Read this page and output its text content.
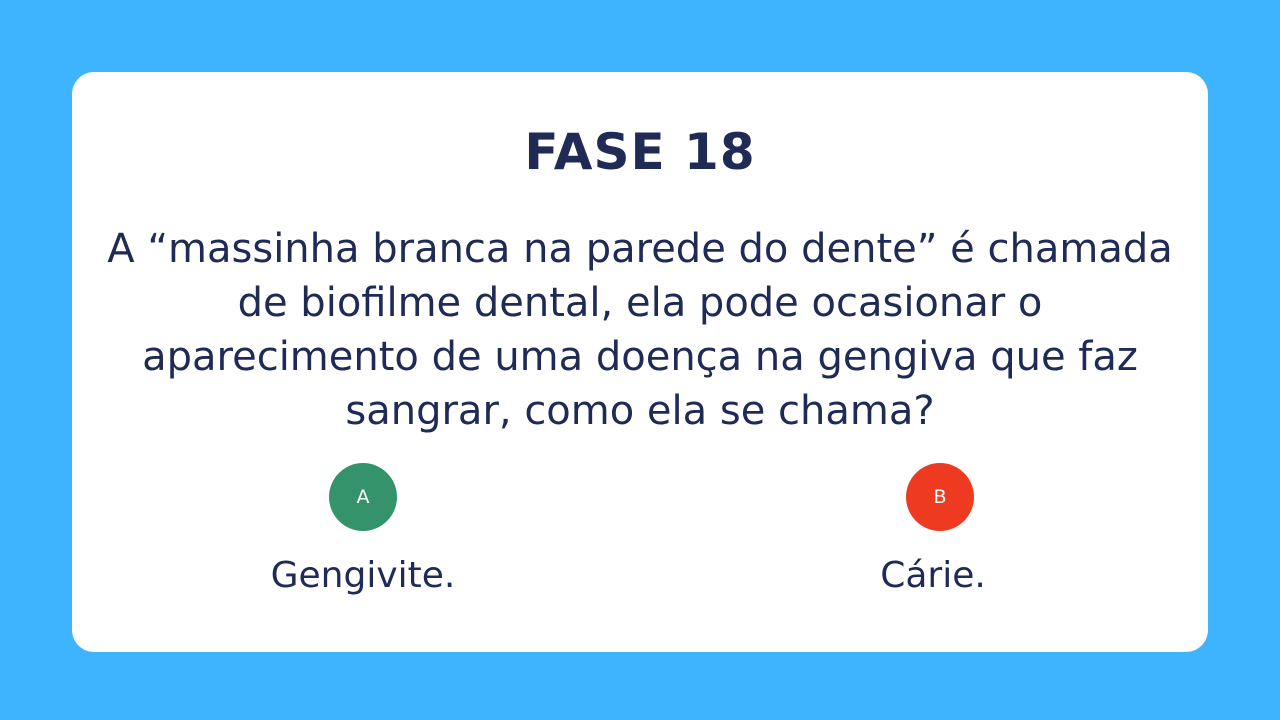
FASE 18
A “massinha branca na parede do dente” é chamada de biofilme dental, ela pode ocasionar o aparecimento de uma doença na gengiva que faz sangrar, como ela se chama?
A
Gengivite.
B
Cárie.
